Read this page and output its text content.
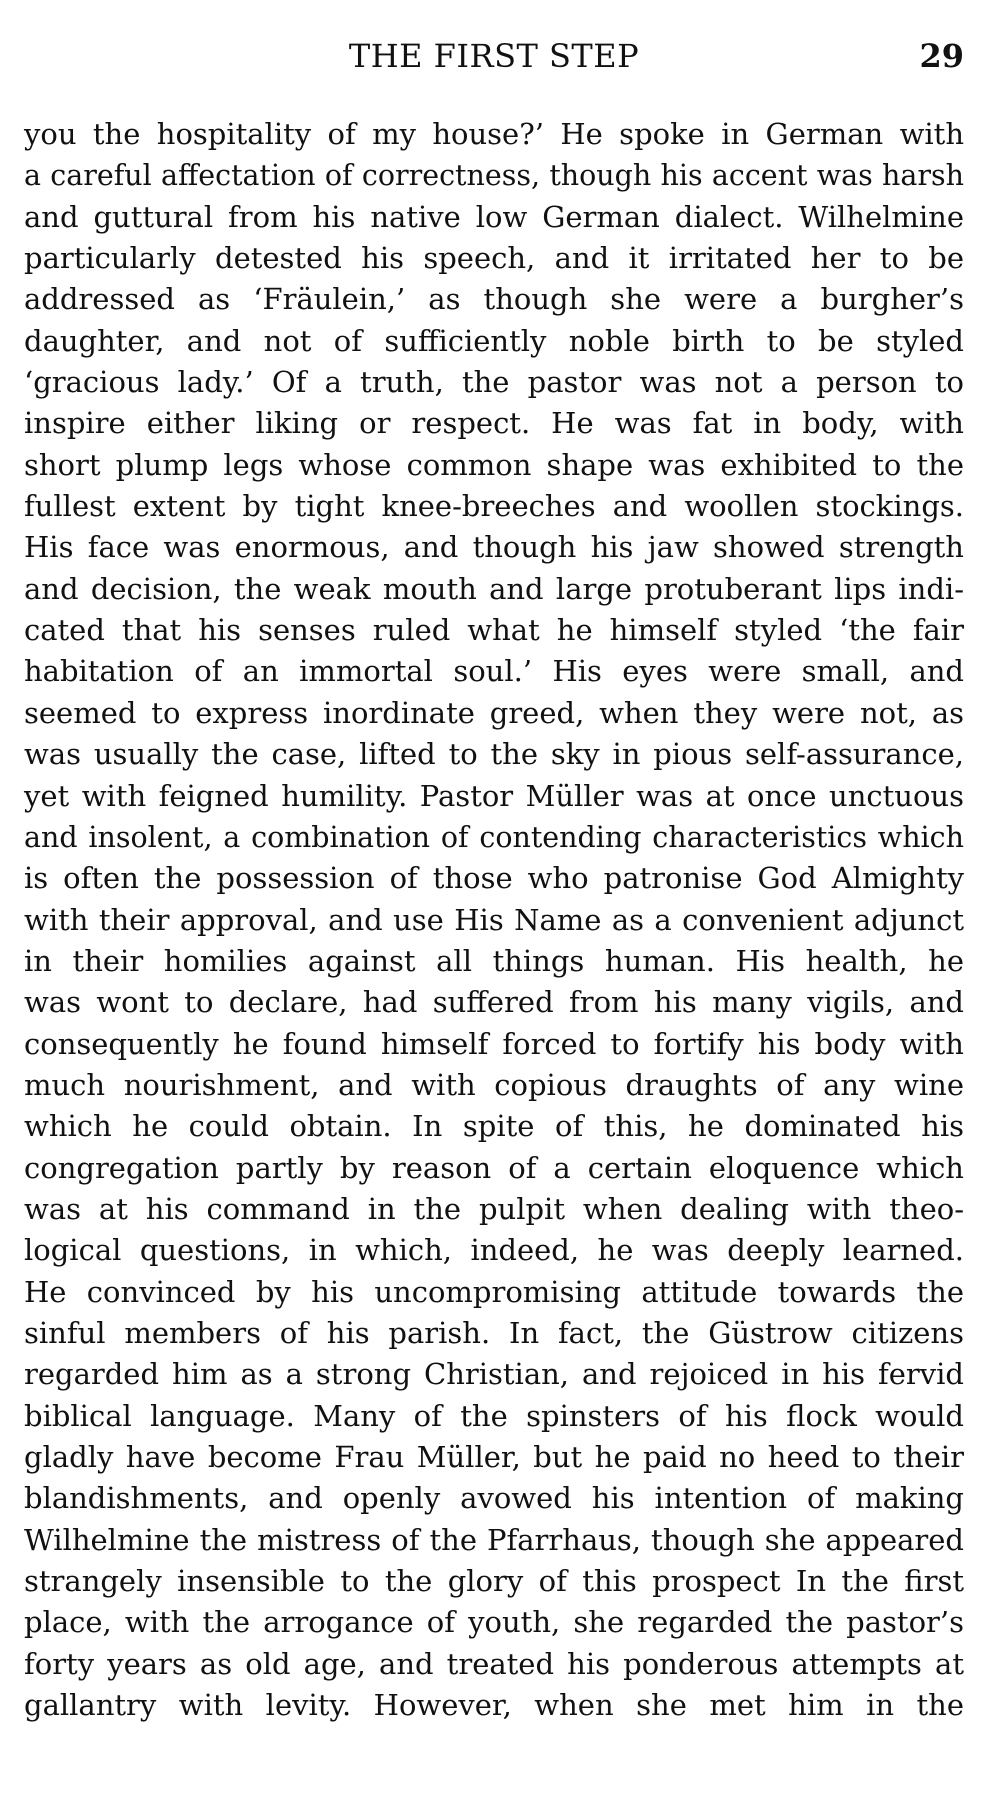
THE FIRST STEP	29
you the hospitality of my house?’ He spoke in German with
a careful affectation of correctness, though his accent was harsh
and guttural from his native low German dialect. Wilhelmine
particularly detested his speech, and it irritated her to be
addressed as ‘Fräulein,’ as though she were a burgher’s
daughter, and not of sufficiently noble birth to be styled
‘gracious lady.’ Of a truth, the pastor was not a person to
inspire either liking or respect. He was fat in body, with
short plump legs whose common shape was exhibited to the
fullest extent by tight knee-breeches and woollen stockings.
His face was enormous, and though his jaw showed strength
and decision, the weak mouth and large protuberant lips indi-
cated that his senses ruled what he himself styled ‘the fair
habitation of an immortal soul.’ His eyes were small, and
seemed to express inordinate greed, when they were not, as
was usually the case, lifted to the sky in pious self-assurance,
yet with feigned humility. Pastor Müller was at once unctuous
and insolent, a combination of contending characteristics which
is often the possession of those who patronise God Almighty
with their approval, and use His Name as a convenient adjunct
in their homilies against all things human. His health, he
was wont to declare, had suffered from his many vigils, and
consequently he found himself forced to fortify his body with
much nourishment, and with copious draughts of any wine
which he could obtain. In spite of this, he dominated his
congregation partly by reason of a certain eloquence which
was at his command in the pulpit when dealing with theo-
logical questions, in which, indeed, he was deeply learned.
He convinced by his uncompromising attitude towards the
sinful members of his parish. In fact, the Güstrow citizens
regarded him as a strong Christian, and rejoiced in his fervid
biblical language. Many of the spinsters of his flock would
gladly have become Frau Müller, but he paid no heed to their
blandishments, and openly avowed his intention of making
Wilhelmine the mistress of the Pfarrhaus, though she appeared
strangely insensible to the glory of this prospect In the first
place, with the arrogance of youth, she regarded the pastor’s
forty years as old age, and treated his ponderous attempts at
gallantry with levity. However, when she met him in the
